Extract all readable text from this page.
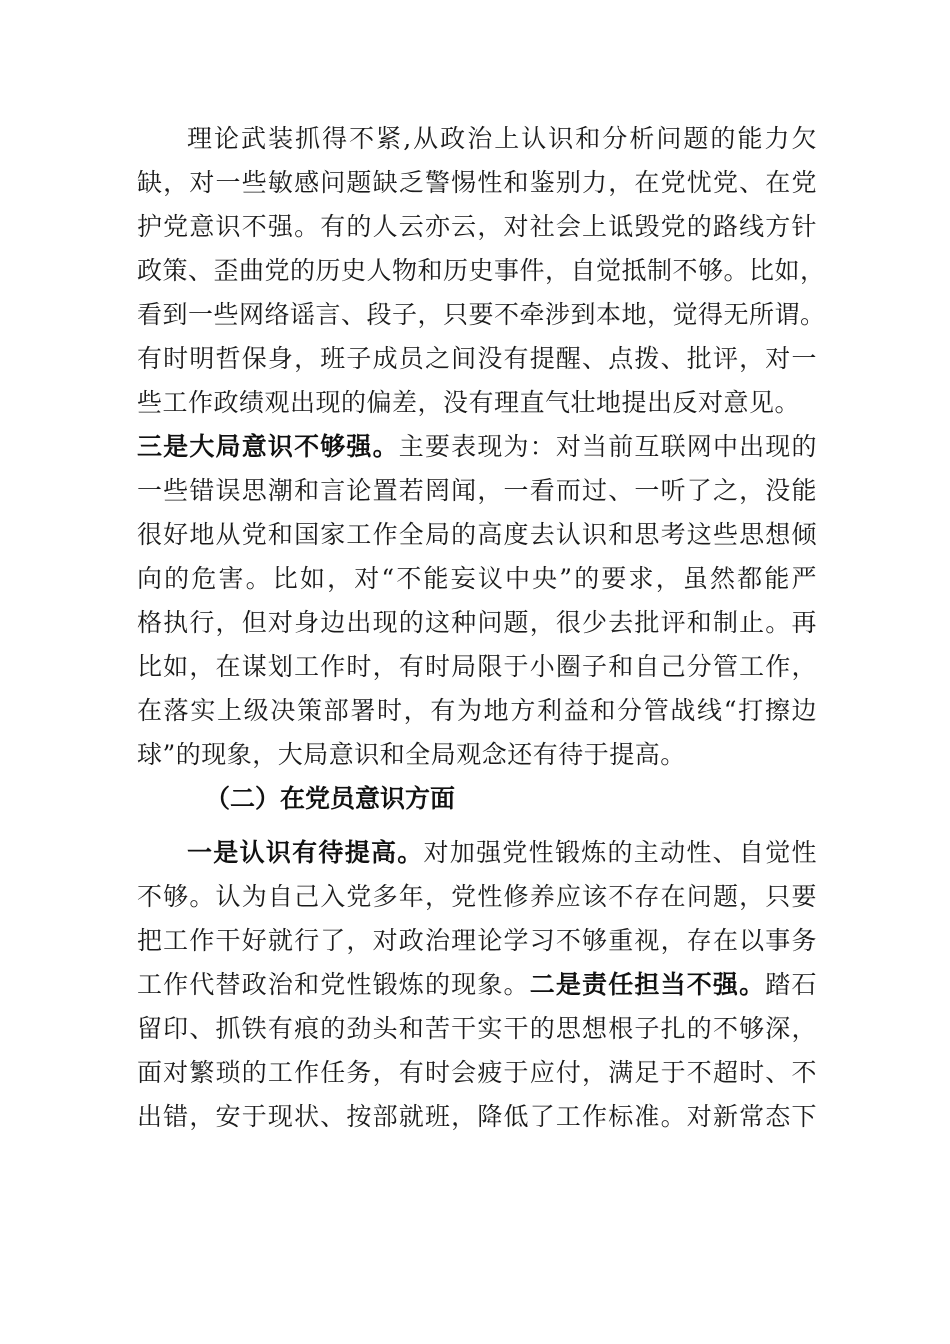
理论武装抓得不紧,从政治上认识和分析问题的能力欠
缺，对一些敏感问题缺乏警惕性和鉴别力，在党忧党、在党
护党意识不强。有的人云亦云，对社会上诋毁党的路线方针
政策、歪曲党的历史人物和历史事件，自觉抵制不够。比如，
看到一些网络谣言、段子，只要不牵涉到本地，觉得无所谓。
有时明哲保身，班子成员之间没有提醒、点拨、批评，对一
些工作政绩观出现的偏差，没有理直气壮地提出反对意见。
三是大局意识不够强。主要表现为：对当前互联网中出现的
一些错误思潮和言论置若罔闻，一看而过、一听了之，没能
很好地从党和国家工作全局的高度去认识和思考这些思想倾
向的危害。比如，对“不能妄议中央”的要求，虽然都能严
格执行，但对身边出现的这种问题，很少去批评和制止。再
比如，在谋划工作时，有时局限于小圈子和自己分管工作，
在落实上级决策部署时，有为地方利益和分管战线“打擦边
球”的现象，大局意识和全局观念还有待于提高。
（二）在党员意识方面
一是认识有待提高。对加强党性锻炼的主动性、自觉性
不够。认为自己入党多年，党性修养应该不存在问题，只要
把工作干好就行了，对政治理论学习不够重视，存在以事务
工作代替政治和党性锻炼的现象。二是责任担当不强。踏石
留印、抓铁有痕的劲头和苦干实干的思想根子扎的不够深，
面对繁琐的工作任务，有时会疲于应付，满足于不超时、不
出错，安于现状、按部就班，降低了工作标准。对新常态下
